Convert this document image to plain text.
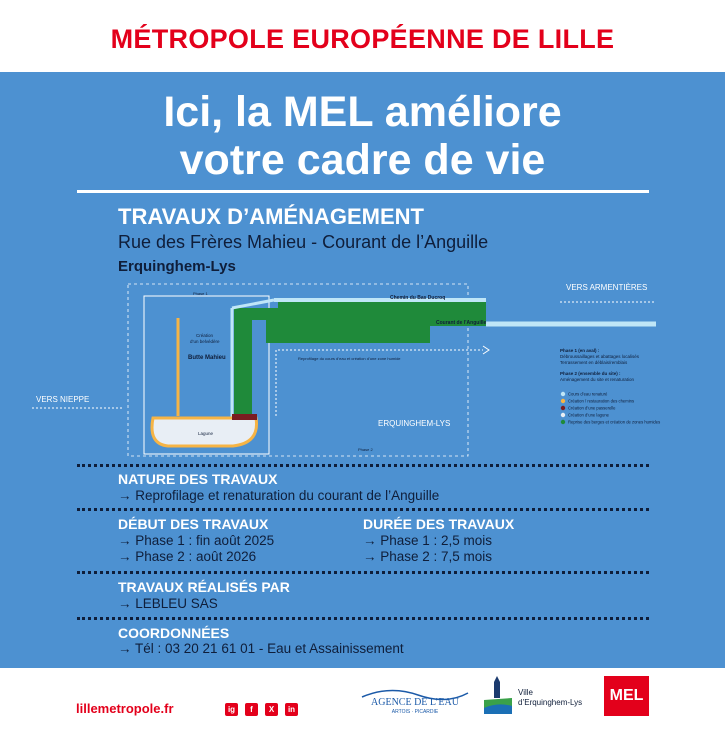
MÉTROPOLE EUROPÉENNE DE LILLE
Ici, la MEL améliore
votre cadre de vie
TRAVAUX D’AMÉNAGEMENT
Rue des Frères Mahieu - Courant de l’Anguille
Erquinghem-Lys
VERS ARMENTIÈRES
VERS NIEPPE
ERQUINGHEM-LYS
Phase 1
Phase 2
Chemin du Bas Ducroq
Courant de l’Anguille
Création
d’un belvédère
Butte Mahieu
Lagune
Reprofilage du cours d’eau et création d’une zone humide
Phase 1 (en aval) :
Débroussaillages et abattages localisés
Terrassement en déblais/remblais
Phase 2 (ensemble du site) :
Aménagement du site et renaturation
Cours d’eau renaturé
Création / restauration des chemins
Création d’une passerelle
Création d’une lagune
Reprise des berges et création de zones humides
NATURE DES TRAVAUX
→ Reprofilage et renaturation du courant de l’Anguille
DÉBUT DES TRAVAUX
→ Phase 1 : fin août 2025
→ Phase 2 : août 2026
DURÉE DES TRAVAUX
→ Phase 1 : 2,5 mois
→ Phase 2 : 7,5 mois
TRAVAUX RÉALISÉS PAR
→ LEBLEU SAS
COORDONNÉES
→ Tél : 03 20 21 61 01 - Eau et Assainissement
lillemetropole.fr	ig	f	X	in
AGENCE DE L’EAU
ARTOIS · PICARDIE
Ville
d’Erquinghem-Lys	MEL
